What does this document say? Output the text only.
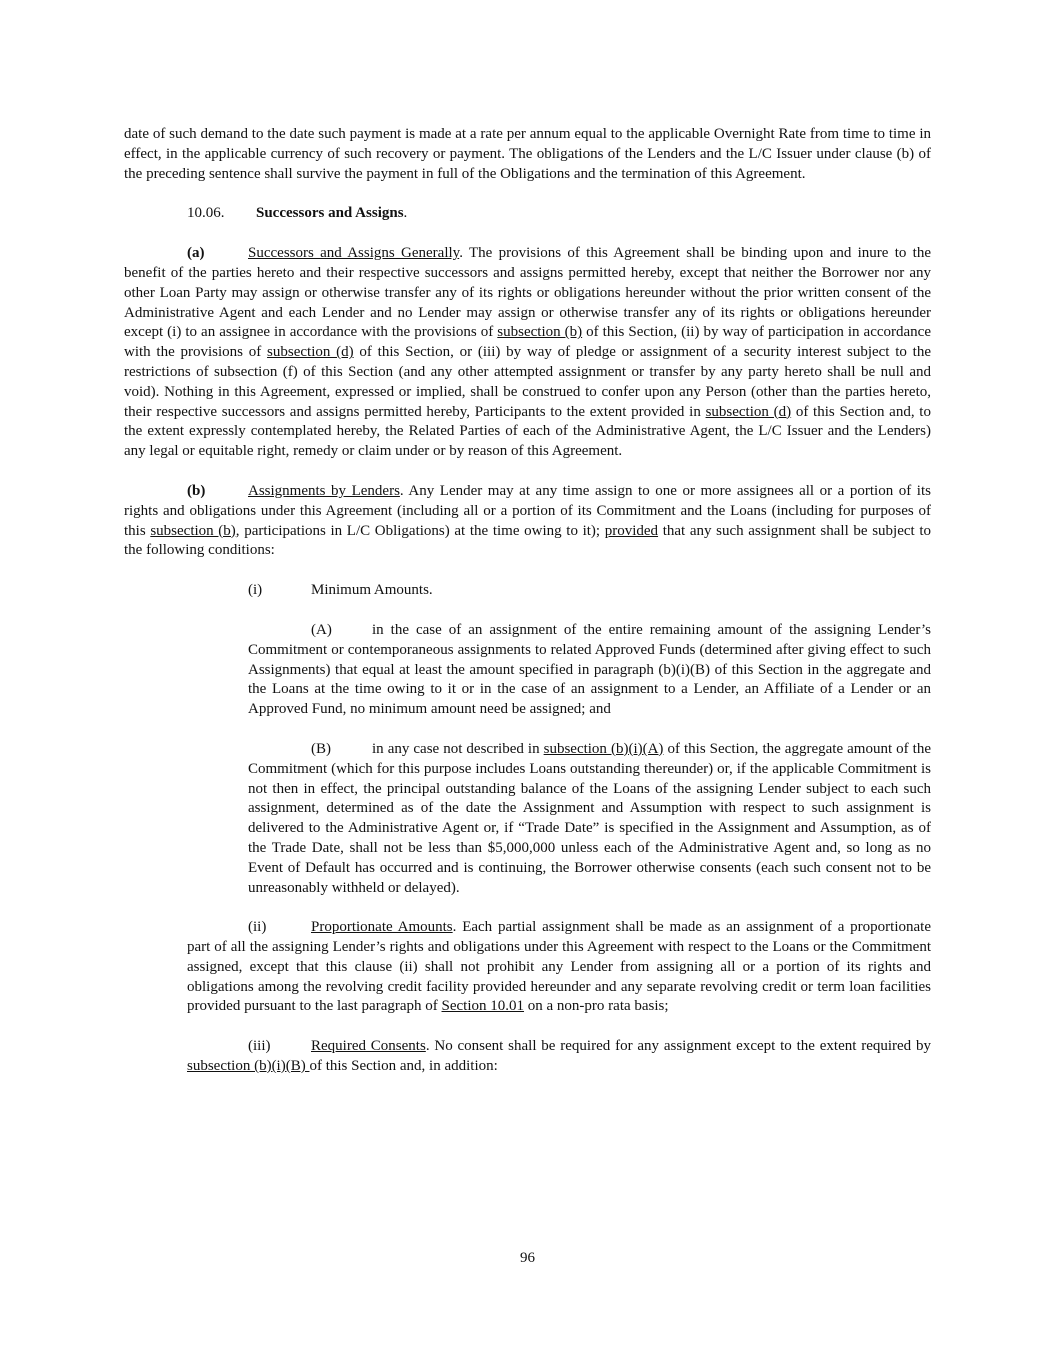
date of such demand to the date such payment is made at a rate per annum equal to the applicable Overnight Rate from time to time in effect, in the applicable currency of such recovery or payment. The obligations of the Lenders and the L/C Issuer under clause (b) of the preceding sentence shall survive the payment in full of the Obligations and the termination of this Agreement.

10.06. Successors and Assigns.

(a)	Successors and Assigns Generally. The provisions of this Agreement shall be binding upon and inure to the benefit of the parties hereto and their respective successors and assigns permitted hereby, except that neither the Borrower nor any other Loan Party may assign or otherwise transfer any of its rights or obligations hereunder without the prior written consent of the Administrative Agent and each Lender and no Lender may assign or otherwise transfer any of its rights or obligations hereunder except (i) to an assignee in accordance with the provisions of subsection (b) of this Section, (ii) by way of participation in accordance with the provisions of subsection (d) of this Section, or (iii) by way of pledge or assignment of a security interest subject to the restrictions of subsection (f) of this Section (and any other attempted assignment or transfer by any party hereto shall be null and void). Nothing in this Agreement, expressed or implied, shall be construed to confer upon any Person (other than the parties hereto, their respective successors and assigns permitted hereby, Participants to the extent provided in subsection (d) of this Section and, to the extent expressly contemplated hereby, the Related Parties of each of the Administrative Agent, the L/C Issuer and the Lenders) any legal or equitable right, remedy or claim under or by reason of this Agreement.

(b)	Assignments by Lenders. Any Lender may at any time assign to one or more assignees all or a portion of its rights and obligations under this Agreement (including all or a portion of its Commitment and the Loans (including for purposes of this subsection (b), participations in L/C Obligations) at the time owing to it); provided that any such assignment shall be subject to the following conditions:

(i)	Minimum Amounts.

(A)	in the case of an assignment of the entire remaining amount of the assigning Lender’s Commitment or contemporaneous assignments to related Approved Funds (determined after giving effect to such Assignments) that equal at least the amount specified in paragraph (b)(i)(B) of this Section in the aggregate and the Loans at the time owing to it or in the case of an assignment to a Lender, an Affiliate of a Lender or an Approved Fund, no minimum amount need be assigned; and

(B)	in any case not described in subsection (b)(i)(A) of this Section, the aggregate amount of the Commitment (which for this purpose includes Loans outstanding thereunder) or, if the applicable Commitment is not then in effect, the principal outstanding balance of the Loans of the assigning Lender subject to each such assignment, determined as of the date the Assignment and Assumption with respect to such assignment is delivered to the Administrative Agent or, if “Trade Date” is specified in the Assignment and Assumption, as of the Trade Date, shall not be less than $5,000,000 unless each of the Administrative Agent and, so long as no Event of Default has occurred and is continuing, the Borrower otherwise consents (each such consent not to be unreasonably withheld or delayed).

(ii)	Proportionate Amounts. Each partial assignment shall be made as an assignment of a proportionate part of all the assigning Lender’s rights and obligations under this Agreement with respect to the Loans or the Commitment assigned, except that this clause (ii) shall not prohibit any Lender from assigning all or a portion of its rights and obligations among the revolving credit facility provided hereunder and any separate revolving credit or term loan facilities provided pursuant to the last paragraph of Section 10.01 on a non-pro rata basis;

(iii)	Required Consents. No consent shall be required for any assignment except to the extent required by subsection (b)(i)(B) of this Section and, in addition:

96
